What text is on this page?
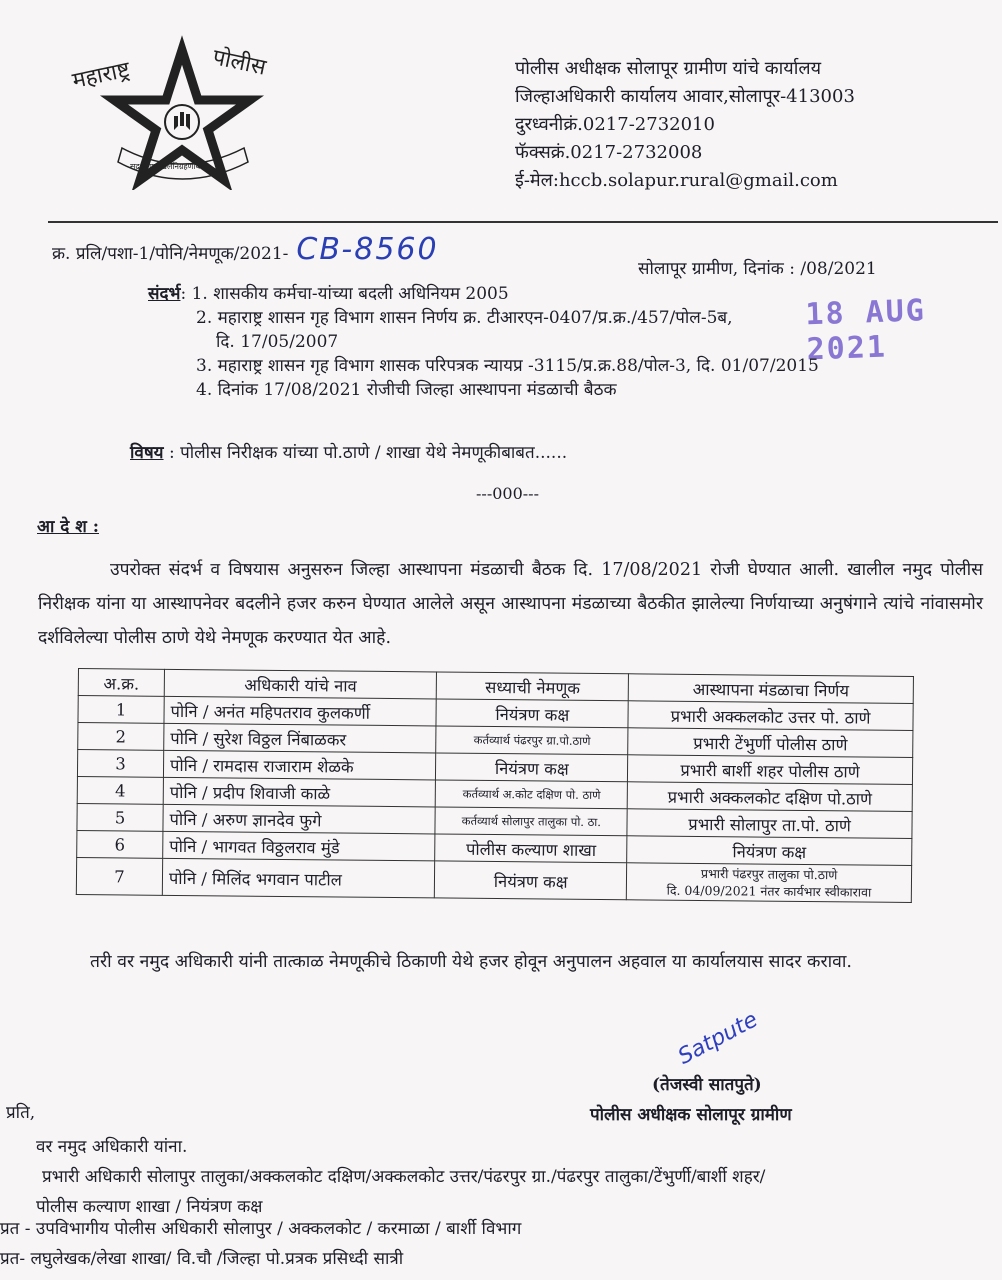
महाराष्ट्र	पोलीस
सद्रक्षणाय खलनिग्रहणाय
पोलीस अधीक्षक सोलापूर ग्रामीण यांचे कार्यालय
जिल्हाअधिकारी कार्यालय आवार,सोलापूर-413003
दुरध्वनीक्रं.0217-2732010
फॅक्सक्रं.0217-2732008
ई-मेल:hccb.solapur.rural@gmail.com
क्र. प्रलि/पशा-1/पोनि/नेमणूक/2021- CB-8560
सोलापूर ग्रामीण, दिनांक : /08/2021
18 AUG 2021
संदर्भ: 1. शासकीय कर्मचा-यांच्या बदली अधिनियम 2005
2. महाराष्ट्र शासन गृह विभाग शासन निर्णय क्र. टीआरएन-0407/प्र.क्र./457/पोल-5ब,
दि. 17/05/2007
3. महाराष्ट्र शासन गृह विभाग शासक परिपत्रक न्यायप्र -3115/प्र.क्र.88/पोल-3, दि. 01/07/2015
4. दिनांक 17/08/2021 रोजीची जिल्हा आस्थापना मंडळाची बैठक
विषय : पोलीस निरीक्षक यांच्या पो.ठाणे / शाखा येथे नेमणूकीबाबत......
---000---
आ दे श :
उपरोक्त संदर्भ व विषयास अनुसरुन जिल्हा आस्थापना मंडळाची बैठक दि. 17/08/2021 रोजी घेण्यात आली. खालील नमुद पोलीस निरीक्षक यांना या आस्थापनेवर बदलीने हजर करुन घेण्यात आलेले असून आस्थापना मंडळाच्या बैठकीत झालेल्या निर्णयाच्या अनुषंगाने त्यांचे नांवासमोर दर्शविलेल्या पोलीस ठाणे येथे नेमणूक करण्यात येत आहे.
अ.क्र.	अधिकारी यांचे नाव	सध्याची नेमणूक	आस्थापना मंडळाचा निर्णय
1	पोनि / अनंत महिपतराव कुलकर्णी	नियंत्रण कक्ष	प्रभारी अक्कलकोट उत्तर पो. ठाणे
2	पोनि / सुरेश विठ्ठल निंबाळकर	कर्तव्यार्थ पंढरपुर ग्रा.पो.ठाणे	प्रभारी टेंभुर्णी पोलीस ठाणे
3	पोनि / रामदास राजाराम शेळके	नियंत्रण कक्ष	प्रभारी बार्शी शहर पोलीस ठाणे
4	पोनि / प्रदीप शिवाजी काळे	कर्तव्यार्थ अ.कोट दक्षिण पो. ठाणे	प्रभारी अक्कलकोट दक्षिण पो.ठाणे
5	पोनि / अरुण ज्ञानदेव फुगे	कर्तव्यार्थ सोलापुर तालुका पो. ठा.	प्रभारी सोलापुर ता.पो. ठाणे
6	पोनि / भागवत विठ्ठलराव मुंडे	पोलीस कल्याण शाखा	नियंत्रण कक्ष
7	पोनि / मिलिंद भगवान पाटील	नियंत्रण कक्ष	प्रभारी पंढरपुर तालुका पो.ठाणे
दि. 04/09/2021 नंतर कार्यभार स्वीकारावा
तरी वर नमुद अधिकारी यांनी तात्काळ नेमणूकीचे ठिकाणी येथे हजर होवून अनुपालन अहवाल या कार्यालयास सादर करावा.
Satpute
(तेजस्वी सातपुते)
पोलीस अधीक्षक सोलापूर ग्रामीण
प्रति,
वर नमुद अधिकारी यांना.
प्रभारी अधिकारी सोलापुर तालुका/अक्कलकोट दक्षिण/अक्कलकोट उत्तर/पंढरपुर ग्रा./पंढरपुर तालुका/टेंभुर्णी/बार्शी शहर/
पोलीस कल्याण शाखा / नियंत्रण कक्ष
प्रत - उपविभागीय पोलीस अधिकारी सोलापुर / अक्कलकोट / करमाळा / बार्शी विभाग
प्रत- लघुलेखक/लेखा शाखा/ वि.चौ /जिल्हा पो.प्रत्रक प्रसिध्दी सात्री
